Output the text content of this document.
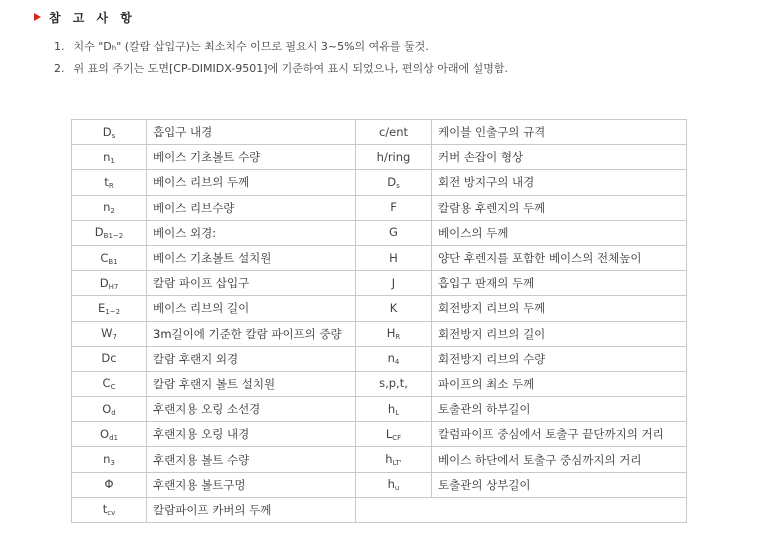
참 고 사 항
1. 치수 "Dₕ" (칼람 삽입구)는 최소치수 이므로 필요시 3~5%의 여유를 둘것.
2. 위 표의 주기는 도면[CP-DIMIDX-9501]에 기준하여 표시 되었으나, 편의상 아래에 설명함.
$D_s$	흡입구 내경	c/ent	케이블 인출구의 규격
$n_1$	베이스 기초볼트 수량	h/ring	커버 손잡이 형상
$t_R$	베이스 리브의 두께	$D_s$	회전 방지구의 내경
$n_2$	베이스 리브수량	F	칼람용 후렌지의 두께
$D_{B1\sim 2}$	베이스 외경:	G	베이스의 두께
$C_{B1}$	베이스 기초볼트 설치원	H	양단 후렌지를 포함한 베이스의 전체높이
$D_{H7}$	칼람 파이프 삽입구	J	흡입구 판재의 두께
$E_{1\sim 2}$	베이스 리브의 길이	K	회전방지 리브의 두께
$W_7$	3m길이에 기준한 칼람 파이프의 중량	$H_R$	회전방지 리브의 길이
Dc	칼람 후랜지 외경	$n_4$	회전방지 리브의 수량
$C_C$	칼람 후랜지 볼트 설치원	s,p,t,	파이프의 최소 두께
$O_d$	후랜지용 오링 소선경	$h_L$	토출관의 하부길이
$O_{d1}$	후랜지용 오링 내경	$L_{CF}$	칼럼파이프 중심에서 토출구 끝단까지의 거리
$n_3$	후랜지용 볼트 수량	$h_{LT'}$	베이스 하단에서 토출구 중심까지의 거리
Φ	후랜지용 볼트구멍	$h_u$	토출관의 상부길이
$t_{cv}$	칼람파이프 카버의 두께		
